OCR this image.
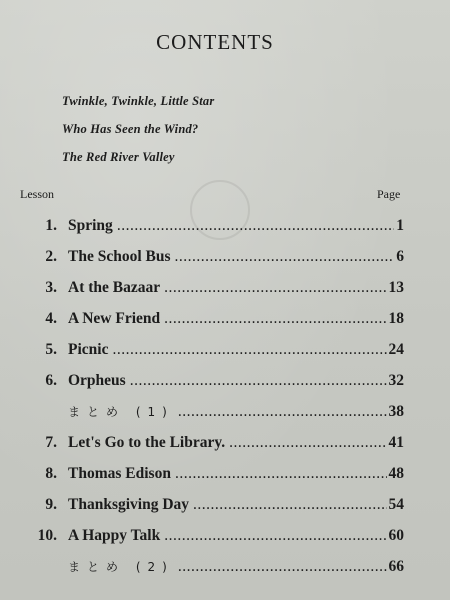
CONTENTS
Twinkle, Twinkle, Little Star
Who Has Seen the Wind?
The Red River Valley
Lesson	Page
1. Spring .....	1
2. The School Bus .....	6
3. At the Bazaar .....	13
4. A New Friend .....	18
5. Picnic .....	24
6. Orpheus .....	32
まとめ (1) .....	38
7. Let's Go to the Library. .....	41
8. Thomas Edison .....	48
9. Thanksgiving Day .....	54
10. A Happy Talk .....	60
まとめ (2) .....	66
